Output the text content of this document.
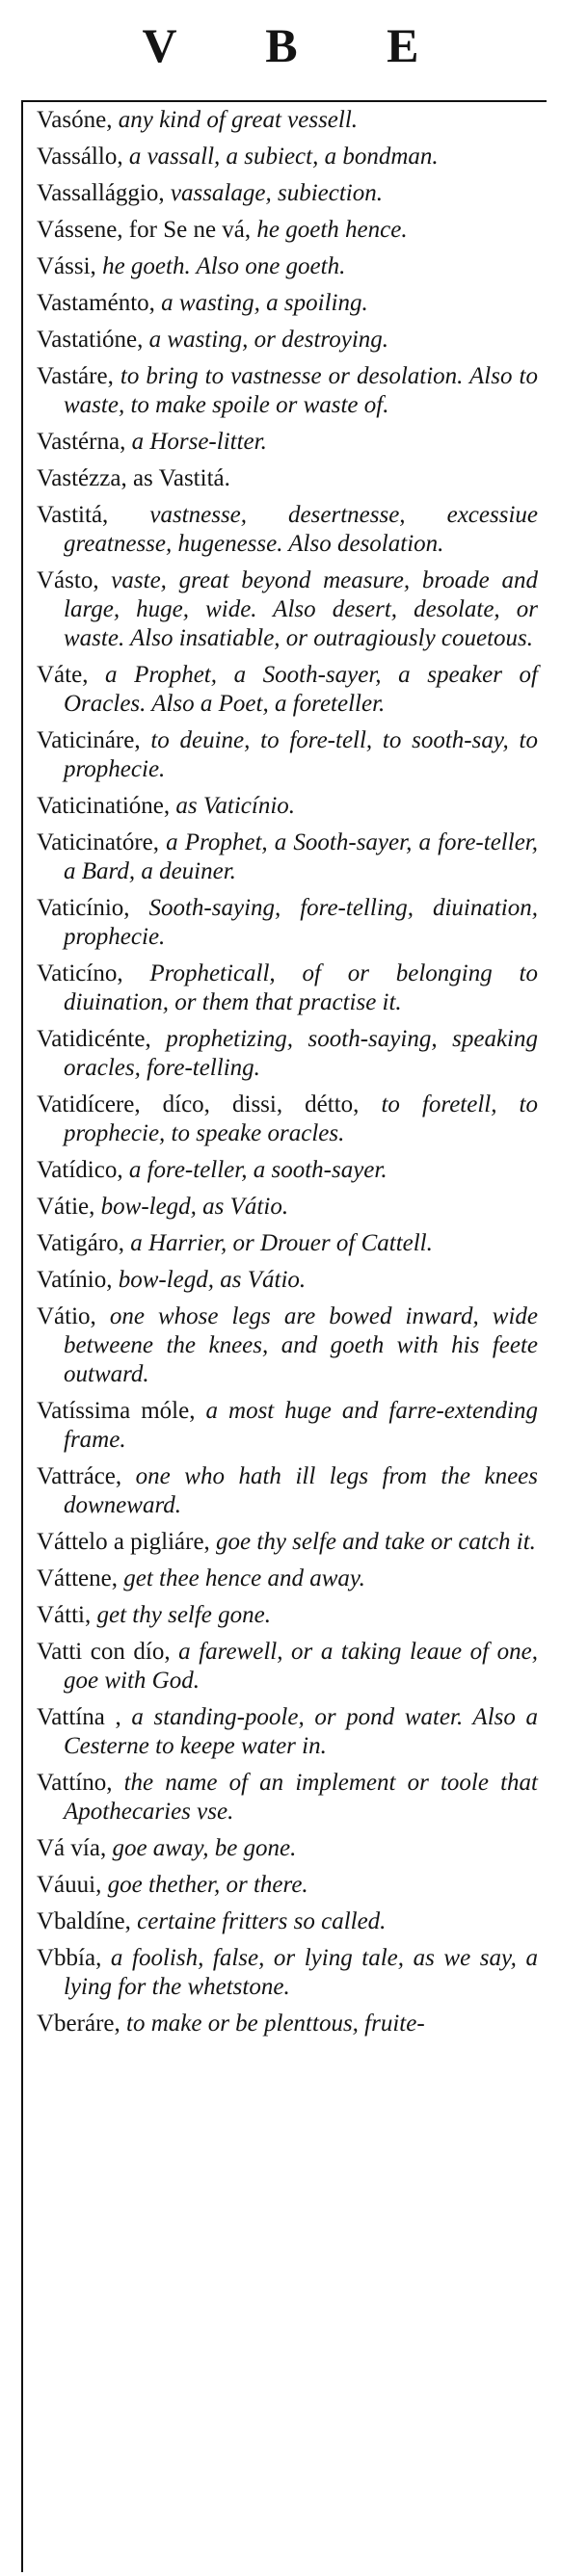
V B E

Vasóne, any kind of great vessell.

Vassállo, a vassall, a subiect, a bondman.

Vassallággio, vassalage, subiection.

Vássene, for Se ne vá, he goeth hence.

Vássi, he goeth. Also one goeth.

Vastaménto, a wasting, a spoiling.

Vastatióne, a wasting, or destroying.

Vastáre, to bring to vastnesse or desolation. Also to waste, to make spoile or waste of.

Vastérna, a Horse-litter.

Vastézza, as Vastitá.

Vastitá, vastnesse, desertnesse, excessiue greatnesse, hugenesse. Also desolation.

Vásto, vaste, great beyond measure, broade and large, huge, wide. Also desert, desolate, or waste. Also insatiable, or outragiously couetous.

Váte, a Prophet, a Sooth-sayer, a speaker of Oracles. Also a Poet, a foreteller.

Vaticináre, to deuine, to fore-tell, to sooth-say, to prophecie.

Vaticinatióne, as Vaticínio.

Vaticinatóre, a Prophet, a Sooth-sayer, a fore-teller, a Bard, a deuiner.

Vaticínio, Sooth-saying, fore-telling, diuination, prophecie.

Vaticíno, Propheticall, of or belonging to diuination, or them that practise it.

Vatidicénte, prophetizing, sooth-saying, speaking oracles, fore-telling.

Vatidícere, díco, dissi, détto, to foretell, to prophecie, to speake oracles.

Vatídico, a fore-teller, a sooth-sayer.

Vátie, bow-legd, as Vátio.

Vatigáro, a Harrier, or Drouer of Cattell.

Vatínio, bow-legd, as Vátio.

Vátio, one whose legs are bowed inward, wide betweene the knees, and goeth with his feete outward.

Vatíssima móle, a most huge and farre-extending frame.

Vattráce, one who hath ill legs from the knees downeward.

Váttelo a pigliáre, goe thy selfe and take or catch it.

Váttene, get thee hence and away.

Vátti, get thy selfe gone.

Vatti con dío, a farewell, or a taking leaue of one, goe with God.

Vattína , a standing-poole, or pond water. Also a Cesterne to keepe water in.

Vattíno, the name of an implement or toole that Apothecaries vse.

Vá vía, goe away, be gone.

Váuui, goe thether, or there.

Vbaldíne, certaine fritters so called.

Vbbía, a foolish, false, or lying tale, as we say, a lying for the whetstone.

Vberáre, to make or be plenttous, fruite-
